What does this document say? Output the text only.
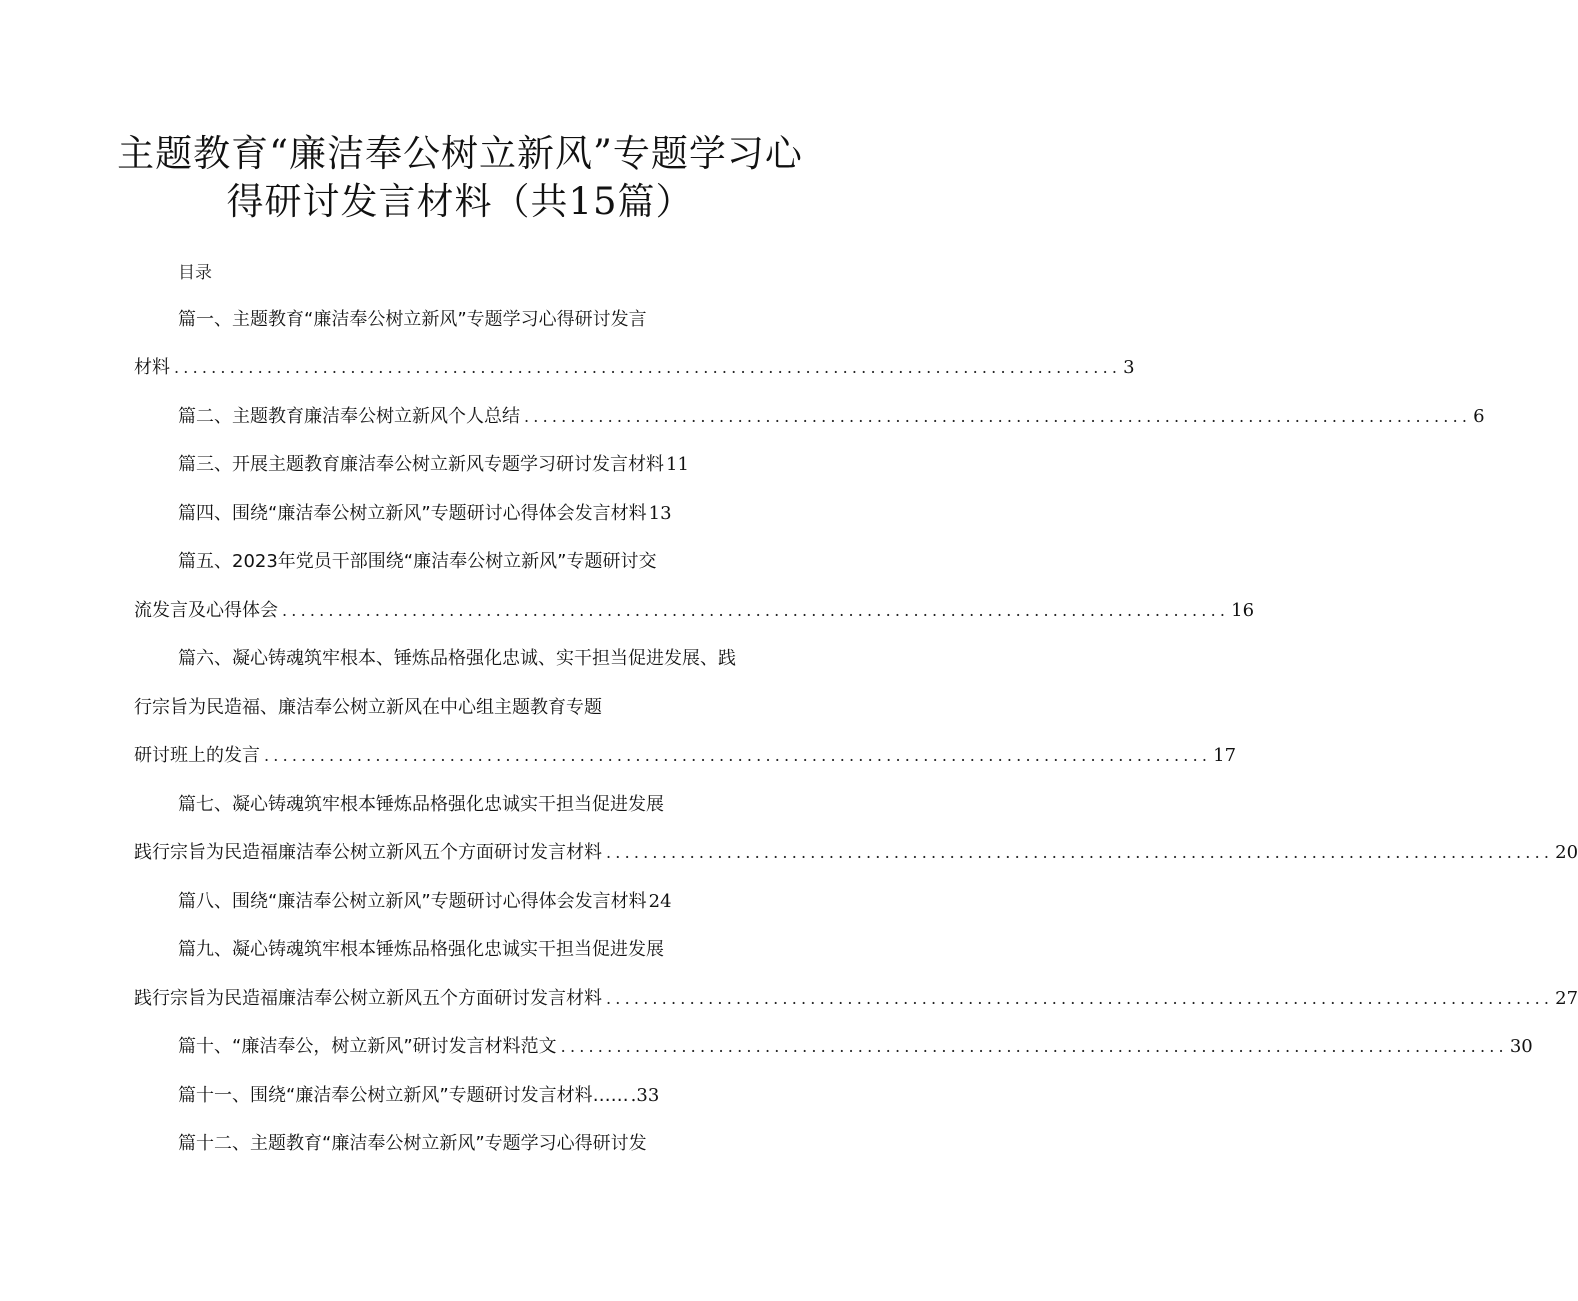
主题教育“廉洁奉公树立新风”专题学习心
得研讨发言材料（共15篇）
目录
篇一、主题教育“廉洁奉公树立新风”专题学习心得研讨发言
材料 ...................................................................................................... 3
篇二、主题教育廉洁奉公树立新风个人总结 ...................................................................................................... 6
篇三、开展主题教育廉洁奉公树立新风专题学习研讨发言材料 11
篇四、围绕“廉洁奉公树立新风”专题研讨心得体会发言材料 13
篇五、2023年党员干部围绕“廉洁奉公树立新风”专题研讨交
流发言及心得体会 ...................................................................................................... 16
篇六、凝心铸魂筑牢根本、锤炼品格强化忠诚、实干担当促进发展、践
行宗旨为民造福、廉洁奉公树立新风在中心组主题教育专题
研讨班上的发言 ...................................................................................................... 17
篇七、凝心铸魂筑牢根本锤炼品格强化忠诚实干担当促进发展
践行宗旨为民造福廉洁奉公树立新风五个方面研讨发言材料 ...................................................................................................... 20
篇八、围绕“廉洁奉公树立新风”专题研讨心得体会发言材料 24
篇九、凝心铸魂筑牢根本锤炼品格强化忠诚实干担当促进发展
践行宗旨为民造福廉洁奉公树立新风五个方面研讨发言材料 ...................................................................................................... 27
篇十、“廉洁奉公，树立新风”研讨发言材料范文 ...................................................................................................... 30
篇十一、围绕“廉洁奉公树立新风”专题研讨发言材料…… .33
篇十二、主题教育“廉洁奉公树立新风”专题学习心得研讨发
